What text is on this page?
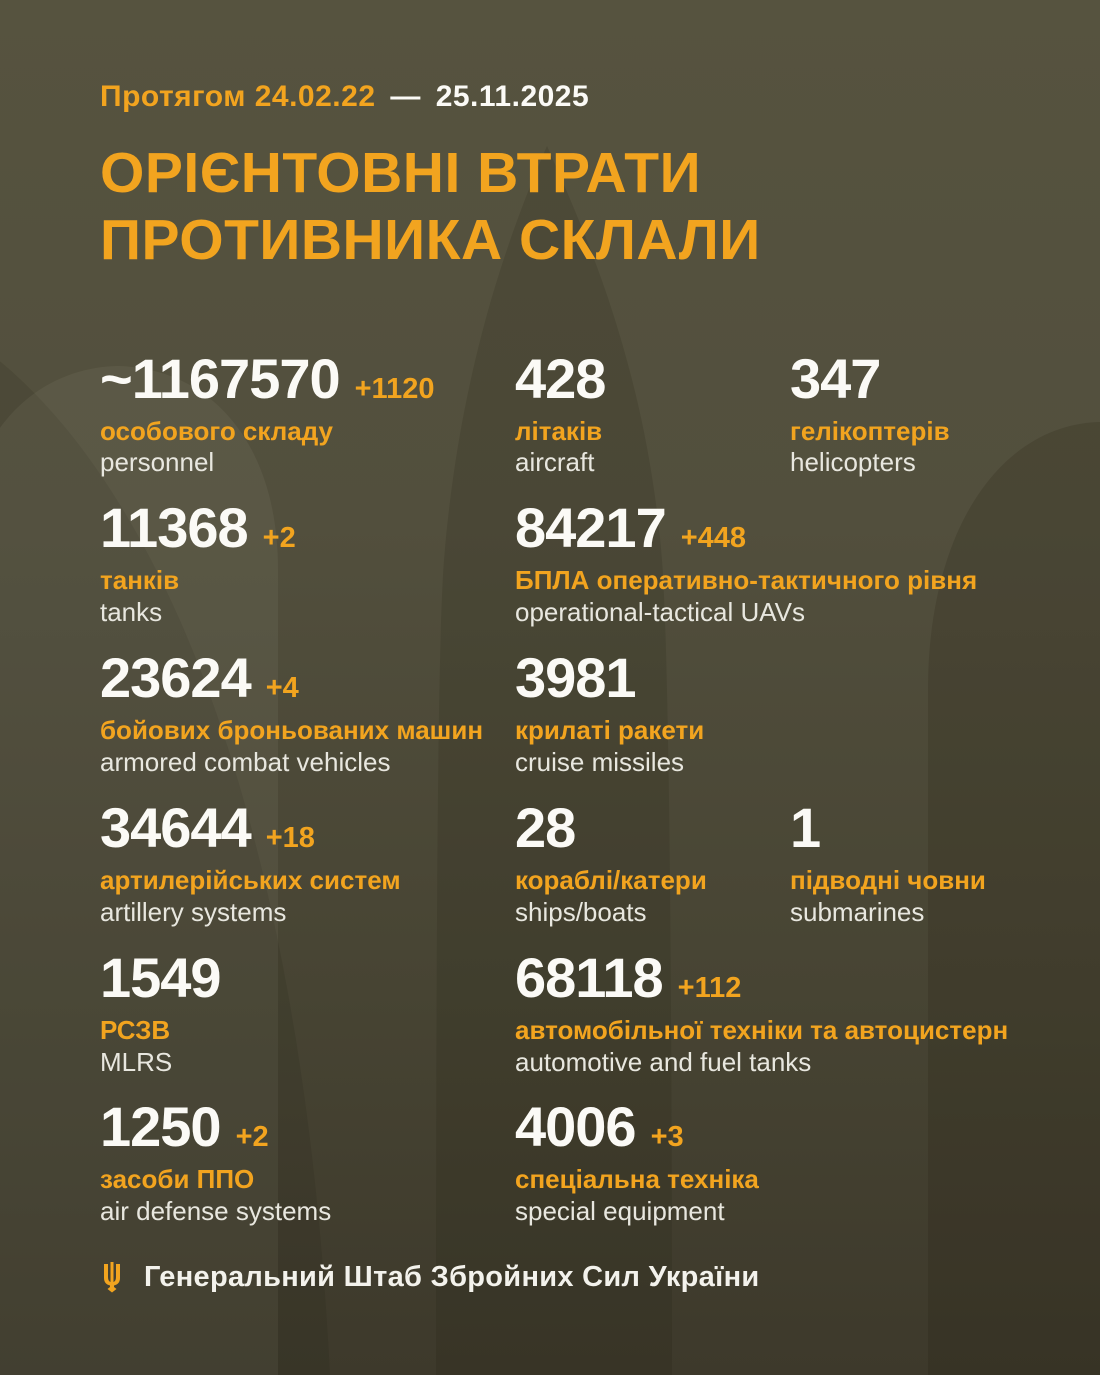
Протягом 24.02.22 — 25.11.2025
ОРІЄНТОВНІ ВТРАТИ
ПРОТИВНИКА СКЛАЛИ
~1167570 +1120
особового складу
personnel
428
літаків
aircraft
347
гелікоптерів
helicopters
11368 +2
танків
tanks
84217 +448
БПЛА оперативно-тактичного рівня
operational-tactical UAVs
23624 +4
бойових броньованих машин
armored combat vehicles
3981
крилаті ракети
cruise missiles
34644 +18
артилерійських систем
artillery systems
28
кораблі/катери
ships/boats
1
підводні човни
submarines
1549
РСЗВ
MLRS
68118 +112
автомобільної техніки та автоцистерн
automotive and fuel tanks
1250 +2
засоби ППО
air defense systems
4006 +3
спеціальна техніка
special equipment
Генеральний Штаб Збройних Сил України
